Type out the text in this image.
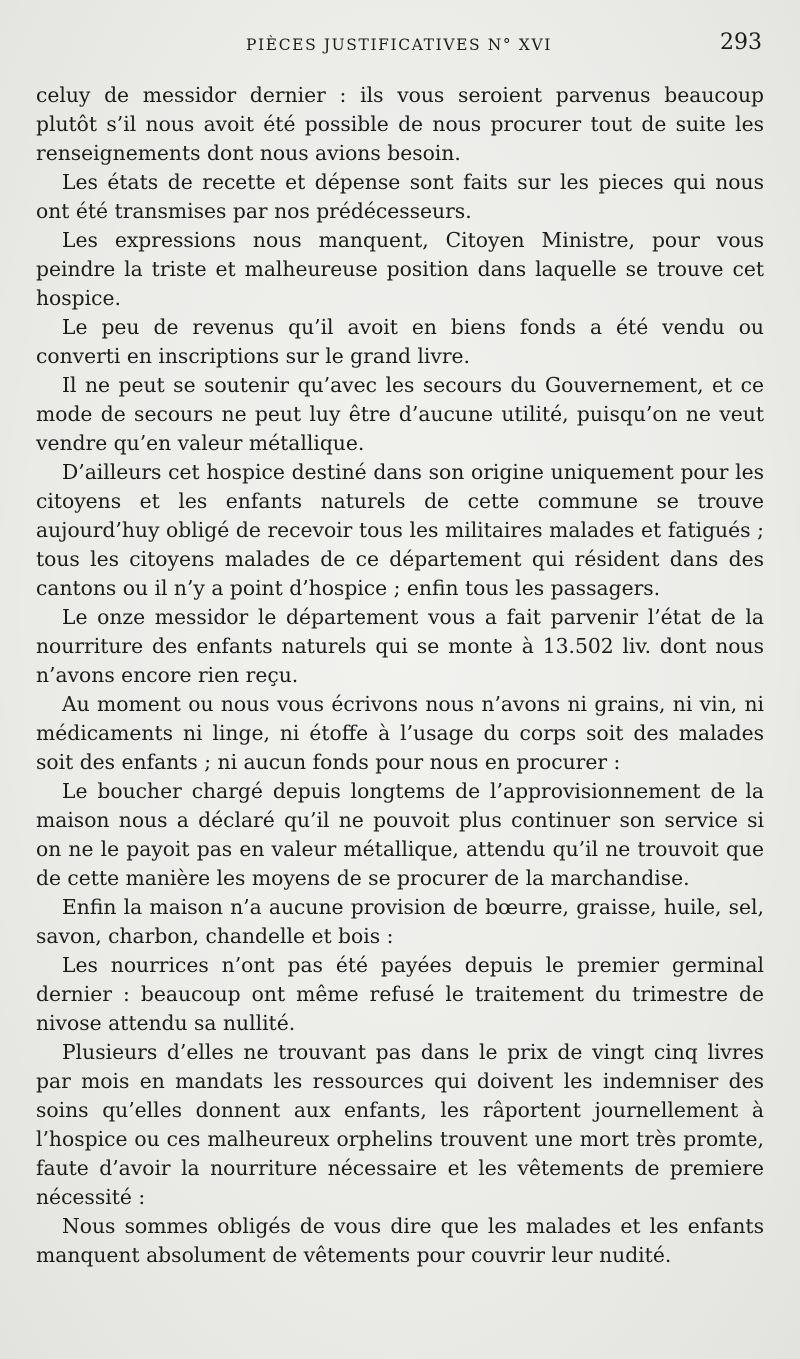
PIÈCES JUSTIFICATIVES N° XVI	293

celuy de messidor dernier : ils vous seroient parvenus beaucoup plutôt s’il nous avoit été possible de nous procurer tout de suite les renseignements dont nous avions besoin.

Les états de recette et dépense sont faits sur les pieces qui nous ont été transmises par nos prédécesseurs.

Les expressions nous manquent, Citoyen Ministre, pour vous peindre la triste et malheureuse position dans laquelle se trouve cet hospice.

Le peu de revenus qu’il avoit en biens fonds a été vendu ou converti en inscriptions sur le grand livre.

Il ne peut se soutenir qu’avec les secours du Gouvernement, et ce mode de secours ne peut luy être d’aucune utilité, puisqu’on ne veut vendre qu’en valeur métallique.

D’ailleurs cet hospice destiné dans son origine uniquement pour les citoyens et les enfants naturels de cette commune se trouve aujourd’huy obligé de recevoir tous les militaires malades et fatigués ; tous les citoyens malades de ce département qui résident dans des cantons ou il n’y a point d’hospice ; enfin tous les passagers.

Le onze messidor le département vous a fait parvenir l’état de la nourriture des enfants naturels qui se monte à 13.502 liv. dont nous n’avons encore rien reçu.

Au moment ou nous vous écrivons nous n’avons ni grains, ni vin, ni médicaments ni linge, ni étoffe à l’usage du corps soit des malades soit des enfants ; ni aucun fonds pour nous en procurer :

Le boucher chargé depuis longtems de l’approvisionnement de la maison nous a déclaré qu’il ne pouvoit plus continuer son service si on ne le payoit pas en valeur métallique, attendu qu’il ne trouvoit que de cette manière les moyens de se procurer de la marchandise.

Enfin la maison n’a aucune provision de bœurre, graisse, huile, sel, savon, charbon, chandelle et bois :

Les nourrices n’ont pas été payées depuis le premier germinal dernier : beaucoup ont même refusé le traitement du trimestre de nivose attendu sa nullité.

Plusieurs d’elles ne trouvant pas dans le prix de vingt cinq livres par mois en mandats les ressources qui doivent les indemniser des soins qu’elles donnent aux enfants, les râportent journellement à l’hospice ou ces malheureux orphelins trouvent une mort très promte, faute d’avoir la nourriture nécessaire et les vêtements de premiere nécessité :

Nous sommes obligés de vous dire que les malades et les enfants manquent absolument de vêtements pour couvrir leur nudité.
